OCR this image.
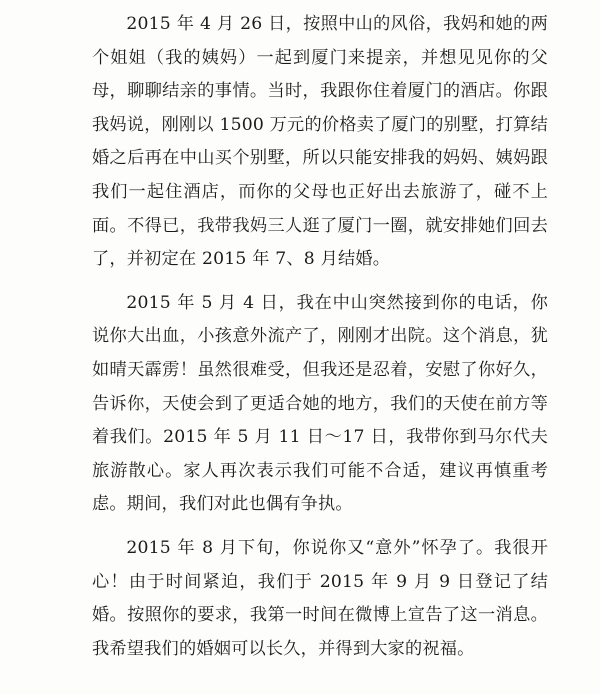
2015 年 4 月 26 日，按照中山的风俗，我妈和她的两个姐姐（我的姨妈）一起到厦门来提亲，并想见见你的父母，聊聊结亲的事情。当时，我跟你住着厦门的酒店。你跟我妈说，刚刚以 1500 万元的价格卖了厦门的别墅，打算结婚之后再在中山买个别墅，所以只能安排我的妈妈、姨妈跟我们一起住酒店，而你的父母也正好出去旅游了，碰不上面。不得已，我带我妈三人逛了厦门一圈，就安排她们回去了，并初定在 2015 年 7、8 月结婚。

2015 年 5 月 4 日，我在中山突然接到你的电话，你说你大出血，小孩意外流产了，刚刚才出院。这个消息，犹如晴天霹雳！虽然很难受，但我还是忍着，安慰了你好久，告诉你，天使会到了更适合她的地方，我们的天使在前方等着我们。2015 年 5 月 11 日～17 日，我带你到马尔代夫旅游散心。家人再次表示我们可能不合适，建议再慎重考虑。期间，我们对此也偶有争执。

2015 年 8 月下旬，你说你又“意外”怀孕了。我很开心！由于时间紧迫，我们于 2015 年 9 月 9 日登记了结婚。按照你的要求，我第一时间在微博上宣告了这一消息。我希望我们的婚姻可以长久，并得到大家的祝福。
